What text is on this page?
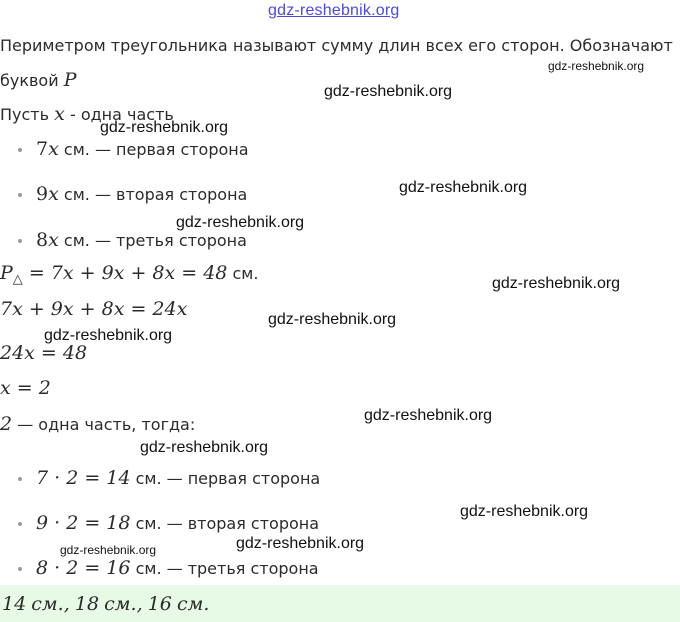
gdz-reshebnik.org
Периметром треугольника называют сумму длин всех его сторон. Обозначают
буквой P
Пусть x - одна часть
7x см. — первая сторона
9x см. — вторая сторона
8x см. — третья сторона
$P_\triangle = 7x + 9x + 8x = 48$ см.
7x + 9x + 8x = 24x
24x = 48
x = 2
2 — одна часть, тогда:
7 · 2 = 14 см. — первая сторона
9 · 2 = 18 см. — вторая сторона
8 · 2 = 16 см. — третья сторона
14 см., 18 см., 16 см.
gdz-reshebnik.org
gdz-reshebnik.org
gdz-reshebnik.org
gdz-reshebnik.org
gdz-reshebnik.org
gdz-reshebnik.org
gdz-reshebnik.org
gdz-reshebnik.org
gdz-reshebnik.org
gdz-reshebnik.org
gdz-reshebnik.org
gdz-reshebnik.org
gdz-reshebnik.org
